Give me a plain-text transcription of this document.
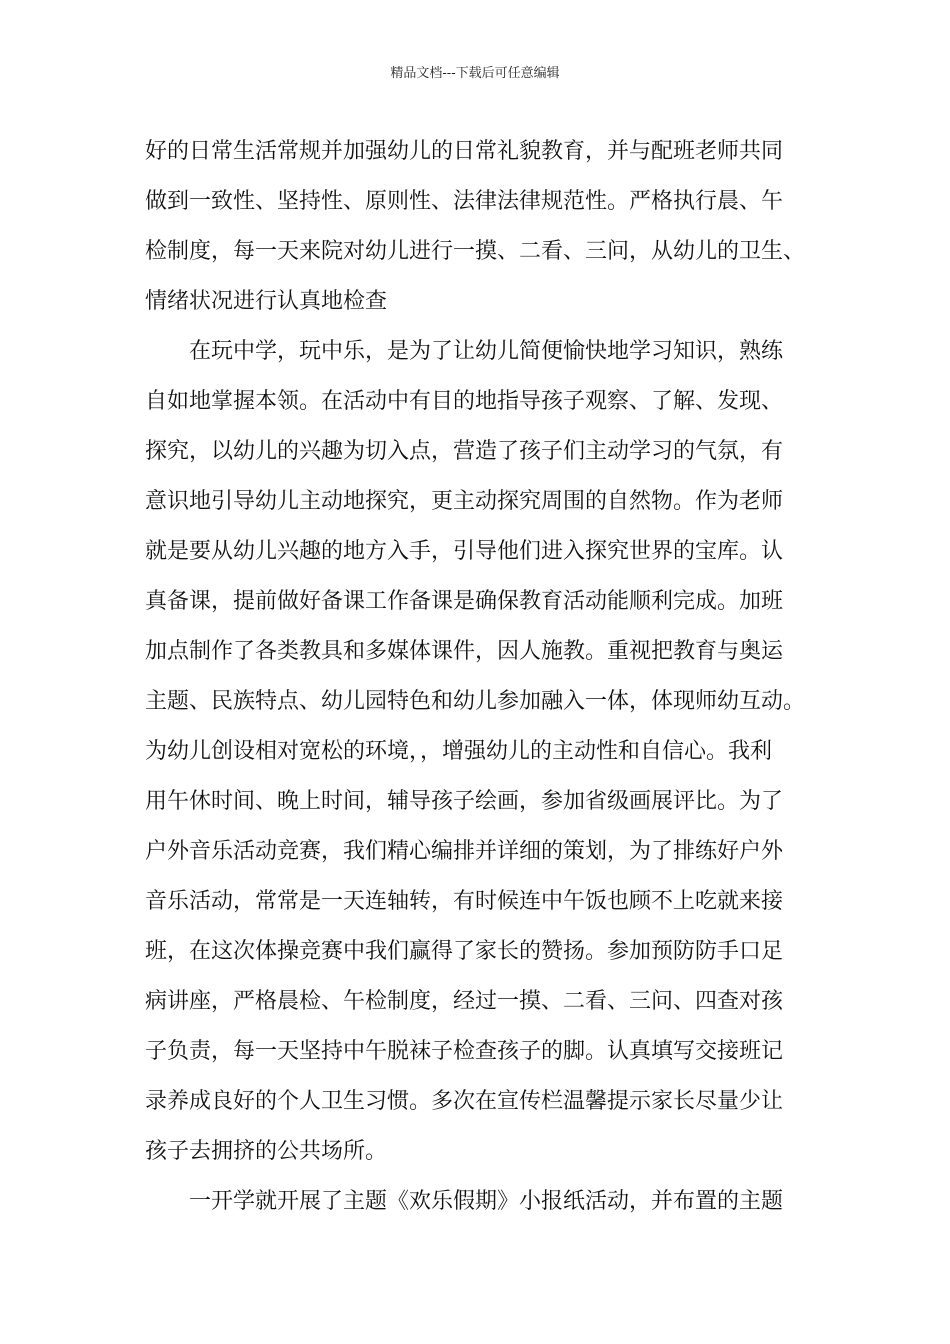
精品文档---下载后可任意编辑
好的日常生活常规并加强幼儿的日常礼貌教育，并与配班老师共同
做到一致性、坚持性、原则性、法律法律规范性。严格执行晨、午
检制度，每一天来院对幼儿进行一摸、二看、三问，从幼儿的卫生、
情绪状况进行认真地检查
　　在玩中学，玩中乐，是为了让幼儿简便愉快地学习知识，熟练
自如地掌握本领。在活动中有目的地指导孩子观察、了解、发现、
探究，以幼儿的兴趣为切入点，营造了孩子们主动学习的气氛，有
意识地引导幼儿主动地探究，更主动探究周围的自然物。作为老师
就是要从幼儿兴趣的地方入手，引导他们进入探究世界的宝库。认
真备课，提前做好备课工作备课是确保教育活动能顺利完成。加班
加点制作了各类教具和多媒体课件，因人施教。重视把教育与奥运
主题、民族特点、幼儿园特色和幼儿参加融入一体，体现师幼互动。
为幼儿创设相对宽松的环境，，增强幼儿的主动性和自信心。我利
用午休时间、晚上时间，辅导孩子绘画，参加省级画展评比。为了
户外音乐活动竞赛，我们精心编排并详细的策划，为了排练好户外
音乐活动，常常是一天连轴转，有时候连中午饭也顾不上吃就来接
班，在这次体操竞赛中我们赢得了家长的赞扬。参加预防防手口足
病讲座，严格晨检、午检制度，经过一摸、二看、三问、四查对孩
子负责，每一天坚持中午脱袜子检查孩子的脚。认真填写交接班记
录养成良好的个人卫生习惯。多次在宣传栏温馨提示家长尽量少让
孩子去拥挤的公共场所。
　　一开学就开展了主题《欢乐假期》小报纸活动，并布置的主题
